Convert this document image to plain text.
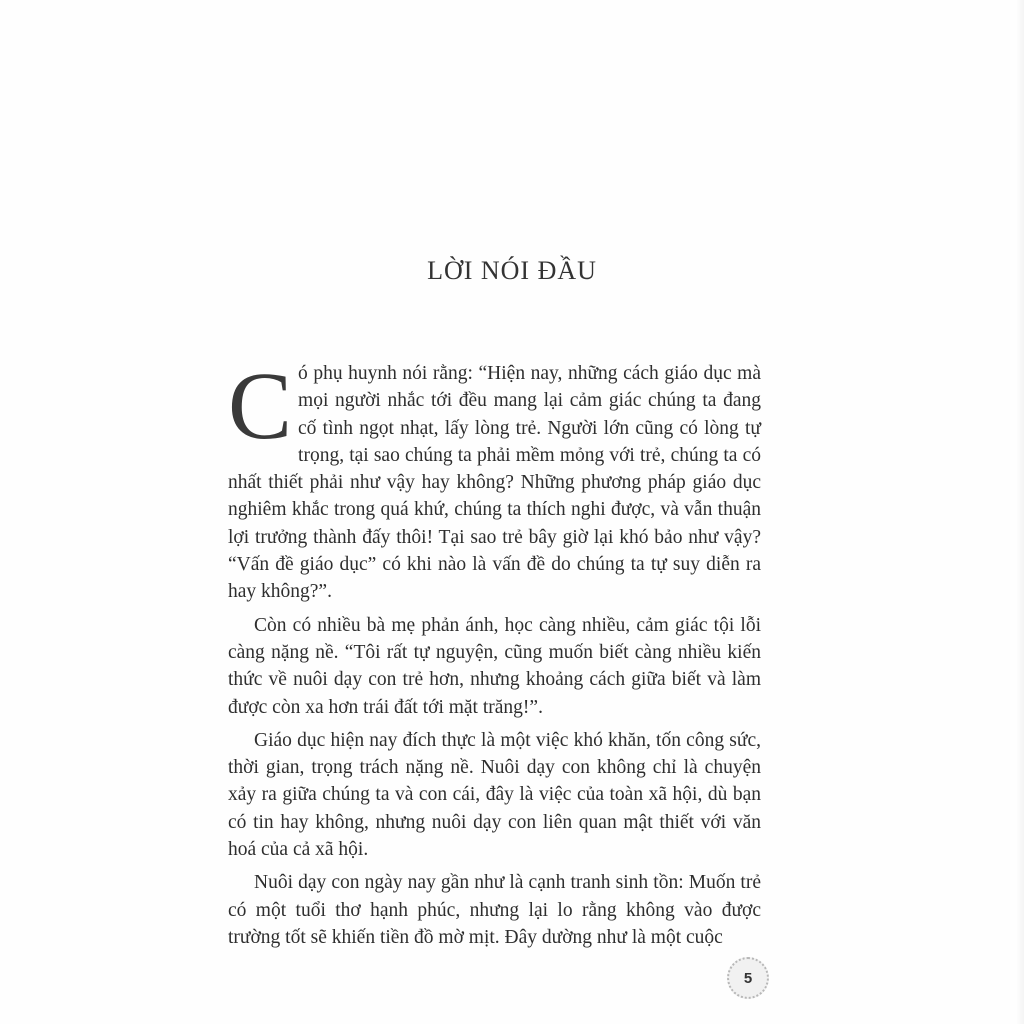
LỜI NÓI ĐẦU

Có phụ huynh nói rằng: “Hiện nay, những cách giáo dục mà mọi người nhắc tới đều mang lại cảm giác chúng ta đang cố tình ngọt nhạt, lấy lòng trẻ. Người lớn cũng có lòng tự trọng, tại sao chúng ta phải mềm mỏng với trẻ, chúng ta có nhất thiết phải như vậy hay không? Những phương pháp giáo dục nghiêm khắc trong quá khứ, chúng ta thích nghi được, và vẫn thuận lợi trưởng thành đấy thôi! Tại sao trẻ bây giờ lại khó bảo như vậy? “Vấn đề giáo dục” có khi nào là vấn đề do chúng ta tự suy diễn ra hay không?”.

Còn có nhiều bà mẹ phản ánh, học càng nhiều, cảm giác tội lỗi càng nặng nề. “Tôi rất tự nguyện, cũng muốn biết càng nhiều kiến thức về nuôi dạy con trẻ hơn, nhưng khoảng cách giữa biết và làm được còn xa hơn trái đất tới mặt trăng!”.

Giáo dục hiện nay đích thực là một việc khó khăn, tốn công sức, thời gian, trọng trách nặng nề. Nuôi dạy con không chỉ là chuyện xảy ra giữa chúng ta và con cái, đây là việc của toàn xã hội, dù bạn có tin hay không, nhưng nuôi dạy con liên quan mật thiết với văn hoá của cả xã hội.

Nuôi dạy con ngày nay gần như là cạnh tranh sinh tồn: Muốn trẻ có một tuổi thơ hạnh phúc, nhưng lại lo rằng không vào được trường tốt sẽ khiến tiền đồ mờ mịt. Đây dường như là một cuộc

5
